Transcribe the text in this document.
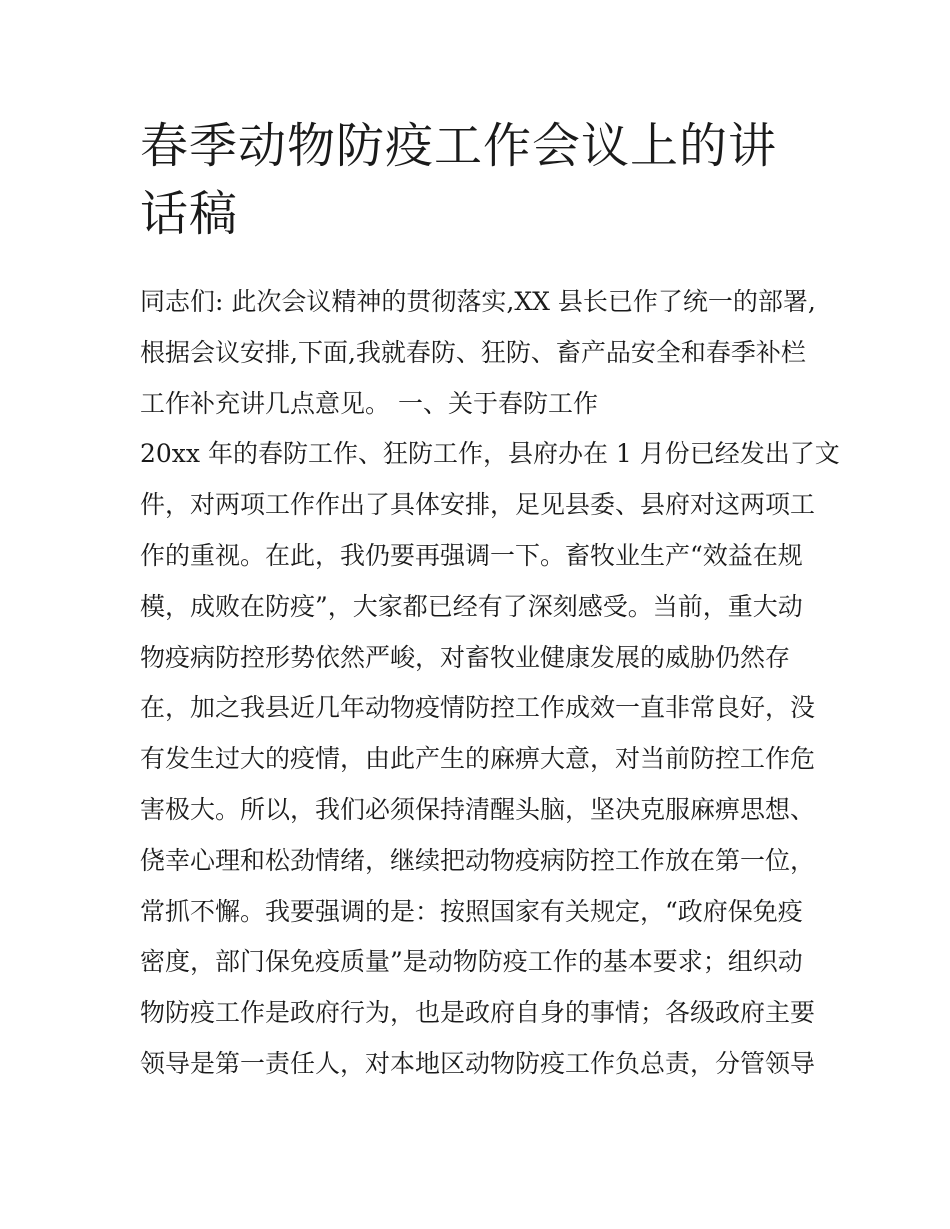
春季动物防疫工作会议上的讲
话稿

同志们: 此次会议精神的贯彻落实,XX 县长已作了统一的部署,

根据会议安排,下面,我就春防、狂防、畜产品安全和春季补栏

工作补充讲几点意见。 一、关于春防工作

20xx 年的春防工作、狂防工作，县府办在 1 月份已经发出了文

件，对两项工作作出了具体安排，足见县委、县府对这两项工

作的重视。在此，我仍要再强调一下。畜牧业生产“效益在规

模，成败在防疫”，大家都已经有了深刻感受。当前，重大动

物疫病防控形势依然严峻，对畜牧业健康发展的威胁仍然存

在，加之我县近几年动物疫情防控工作成效一直非常良好，没

有发生过大的疫情，由此产生的麻痹大意，对当前防控工作危

害极大。所以，我们必须保持清醒头脑，坚决克服麻痹思想、

侥幸心理和松劲情绪，继续把动物疫病防控工作放在第一位，

常抓不懈。我要强调的是：按照国家有关规定，“政府保免疫

密度，部门保免疫质量”是动物防疫工作的基本要求；组织动

物防疫工作是政府行为，也是政府自身的事情；各级政府主要

领导是第一责任人，对本地区动物防疫工作负总责，分管领导
